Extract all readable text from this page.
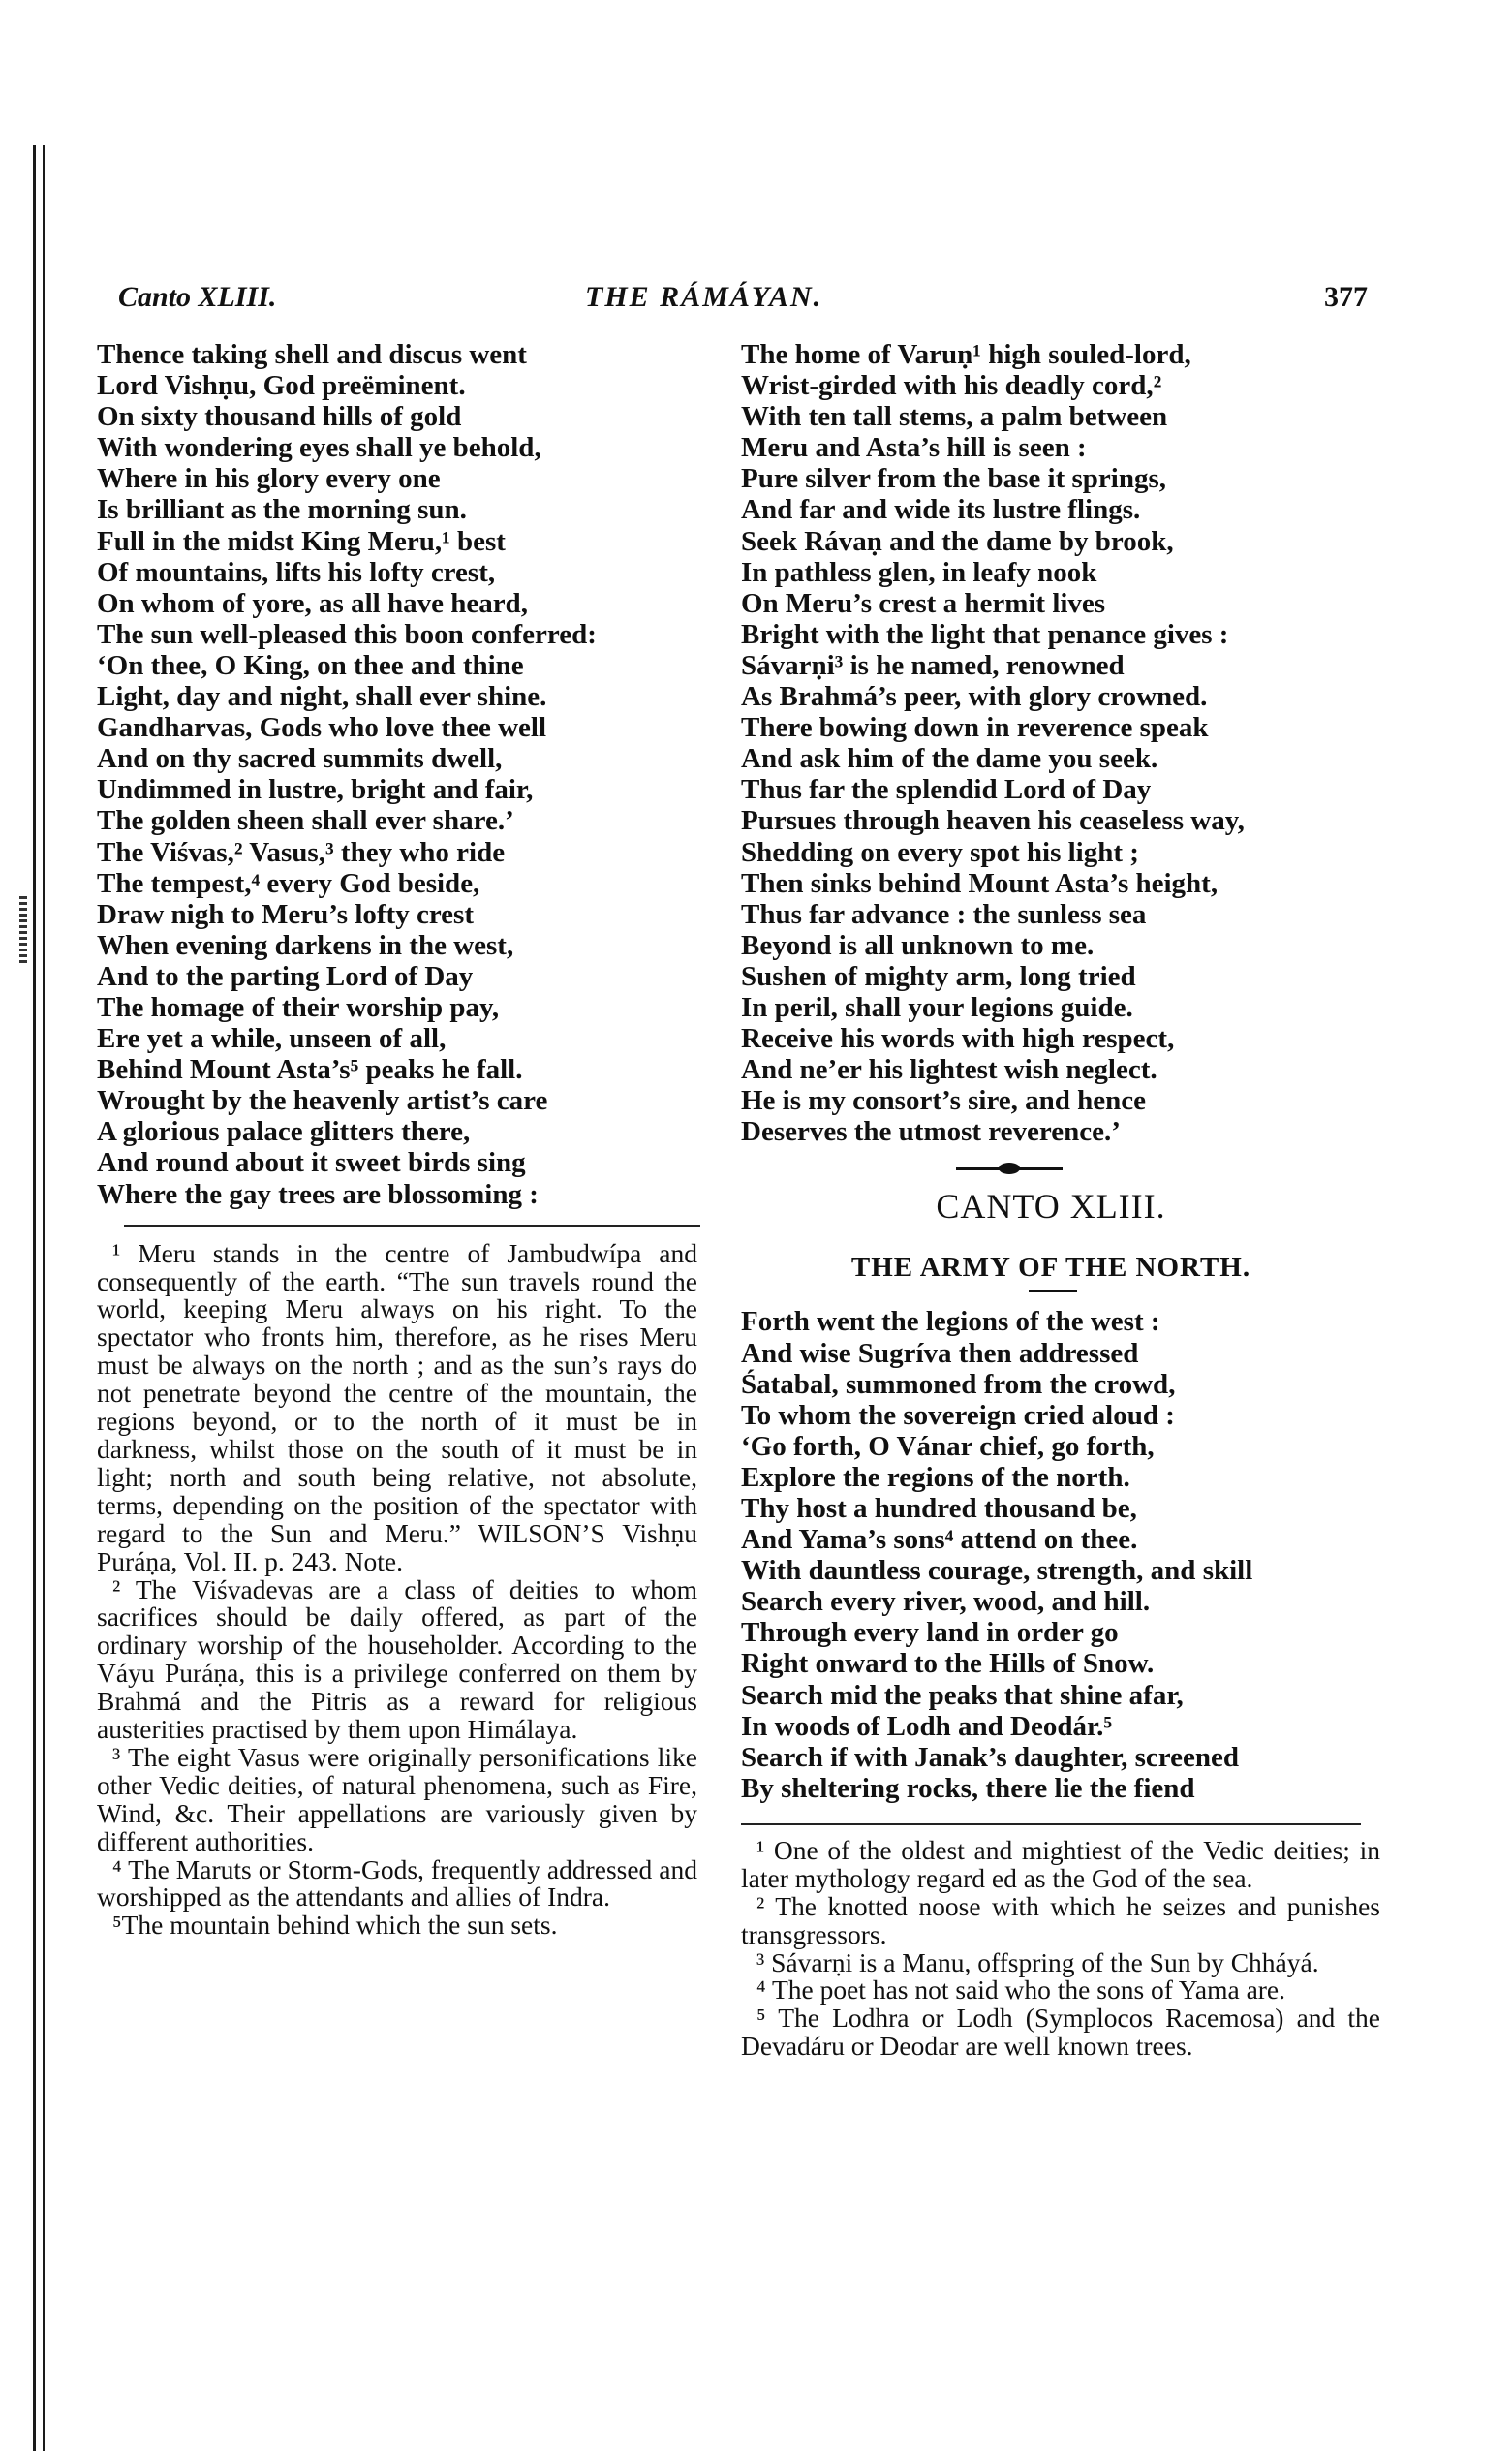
Canto XLIII.	THE RÁMÁYAN.	377
Thence taking shell and discus went
Lord Vishṇu, God preëminent.
On sixty thousand hills of gold
With wondering eyes shall ye behold,
Where in his glory every one
Is brilliant as the morning sun.
Full in the midst King Meru,¹ best
Of mountains, lifts his lofty crest,
On whom of yore, as all have heard,
The sun well-pleased this boon conferred:
‘On thee, O King, on thee and thine
Light, day and night, shall ever shine.
Gandharvas, Gods who love thee well
And on thy sacred summits dwell,
Undimmed in lustre, bright and fair,
The golden sheen shall ever share.’
The Viśvas,² Vasus,³ they who ride
The tempest,⁴ every God beside,
Draw nigh to Meru’s lofty crest
When evening darkens in the west,
And to the parting Lord of Day
The homage of their worship pay,
Ere yet a while, unseen of all,
Behind Mount Asta’s⁵ peaks he fall.
Wrought by the heavenly artist’s care
A glorious palace glitters there,
And round about it sweet birds sing
Where the gay trees are blossoming :
¹ Meru stands in the centre of Jambudwípa and consequently of the earth. “The sun travels round the world, keeping Meru always on his right. To the spectator who fronts him, therefore, as he rises Meru must be always on the north ; and as the sun’s rays do not penetrate beyond the centre of the mountain, the regions beyond, or to the north of it must be in darkness, whilst those on the south of it must be in light; north and south being relative, not absolute, terms, depending on the position of the spectator with regard to the Sun and Meru.” WILSON’S Vishṇu Puráṇa, Vol. II. p. 243. Note.
² The Viśvadevas are a class of deities to whom sacrifices should be daily offered, as part of the ordinary worship of the householder. According to the Váyu Puráṇa, this is a privilege conferred on them by Brahmá and the Pitris as a reward for religious austerities practised by them upon Himálaya.
³ The eight Vasus were originally personifications like other Vedic deities, of natural phenomena, such as Fire, Wind, &c. Their appellations are variously given by different authorities.
⁴ The Maruts or Storm-Gods, frequently addressed and worshipped as the attendants and allies of Indra.
⁵The mountain behind which the sun sets.
The home of Varuṇ¹ high souled-lord,
Wrist-girded with his deadly cord,²
With ten tall stems, a palm between
Meru and Asta’s hill is seen :
Pure silver from the base it springs,
And far and wide its lustre flings.
Seek Rávaṇ and the dame by brook,
In pathless glen, in leafy nook
On Meru’s crest a hermit lives
Bright with the light that penance gives :
Sávarṇi³ is he named, renowned
As Brahmá’s peer, with glory crowned.
There bowing down in reverence speak
And ask him of the dame you seek.
Thus far the splendid Lord of Day
Pursues through heaven his ceaseless way,
Shedding on every spot his light ;
Then sinks behind Mount Asta’s height,
Thus far advance : the sunless sea
Beyond is all unknown to me.
Sushen of mighty arm, long tried
In peril, shall your legions guide.
Receive his words with high respect,
And ne’er his lightest wish neglect.
He is my consort’s sire, and hence
Deserves the utmost reverence.’
CANTO XLIII.
THE ARMY OF THE NORTH.
Forth went the legions of the west :
And wise Sugríva then addressed
Śatabal, summoned from the crowd,
To whom the sovereign cried aloud :
‘Go forth, O Vánar chief, go forth,
Explore the regions of the north.
Thy host a hundred thousand be,
And Yama’s sons⁴ attend on thee.
With dauntless courage, strength, and skill
Search every river, wood, and hill.
Through every land in order go
Right onward to the Hills of Snow.
Search mid the peaks that shine afar,
In woods of Lodh and Deodár.⁵
Search if with Janak’s daughter, screened
By sheltering rocks, there lie the fiend
¹ One of the oldest and mightiest of the Vedic deities; in later mythology regard ed as the God of the sea.
² The knotted noose with which he seizes and punishes transgressors.
³ Sávarṇi is a Manu, offspring of the Sun by Chháyá.
⁴ The poet has not said who the sons of Yama are.
⁵ The Lodhra or Lodh (Symplocos Racemosa) and the Devadáru or Deodar are well known trees.
